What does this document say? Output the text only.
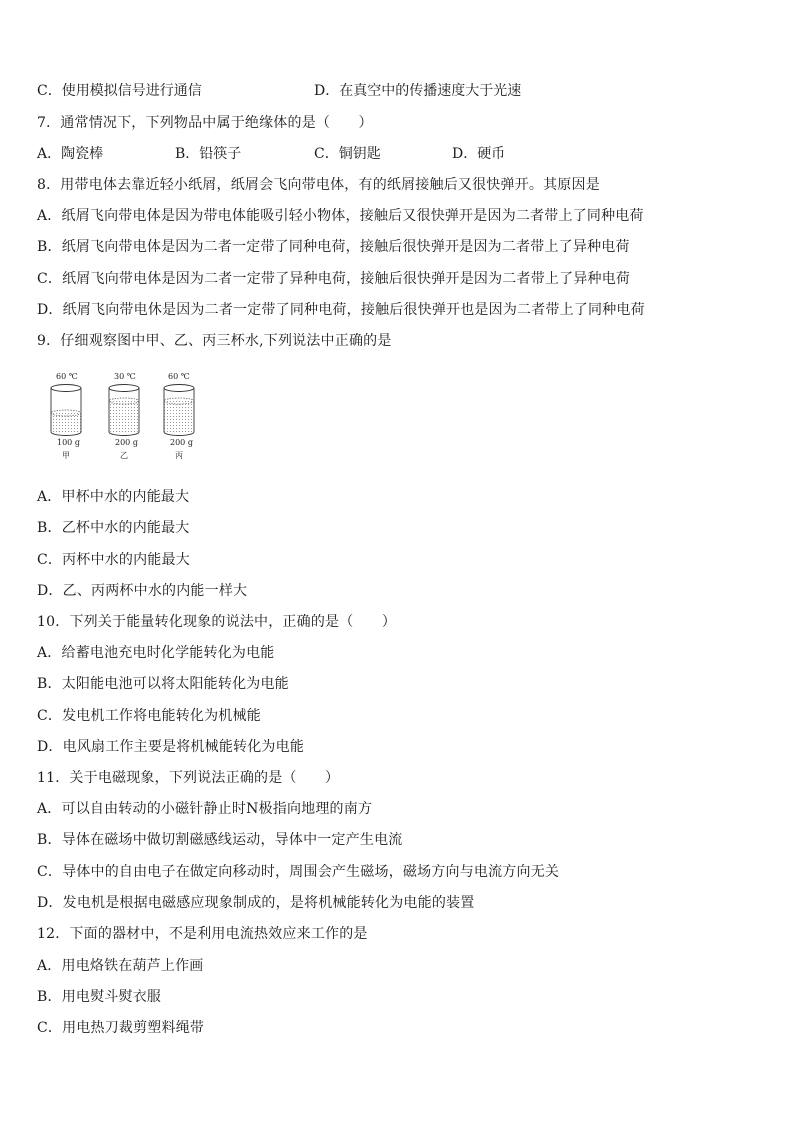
C．使用模拟信号进行通信	D．在真空中的传播速度大于光速
7．通常情况下，下列物品中属于绝缘体的是（　　）
A．陶瓷棒	B．铅筷子	C．铜钥匙	D．硬币
8．用带电体去靠近轻小纸屑，纸屑会飞向带电体，有的纸屑接触后又很快弹开。其原因是
A．纸屑飞向带电体是因为带电体能吸引轻小物体，接触后又很快弹开是因为二者带上了同种电荷
B．纸屑飞向带电体是因为二者一定带了同种电荷，接触后很快弹开是因为二者带上了异种电荷
C．纸屑飞向带电体是因为二者一定带了异种电荷，接触后很快弹开是因为二者带上了异种电荷
D．纸屑飞向带电休是因为二者一定带了同种电荷，接触后很快弹开也是因为二者带上了同种电荷
9．仔细观察图中甲、乙、丙三杯水,下列说法中正确的是
60 ℃
100 g
甲
30 ℃
200 g
乙
60 ℃
200 g
丙
A．甲杯中水的内能最大
B．乙杯中水的内能最大
C．丙杯中水的内能最大
D．乙、丙两杯中水的内能一样大
10．下列关于能量转化现象的说法中，正确的是（　　）
A．给蓄电池充电时化学能转化为电能
B．太阳能电池可以将太阳能转化为电能
C．发电机工作将电能转化为机械能
D．电风扇工作主要是将机械能转化为电能
11．关于电磁现象，下列说法正确的是（　　）
A．可以自由转动的小磁针静止时N极指向地理的南方
B．导体在磁场中做切割磁感线运动，导体中一定产生电流
C．导体中的自由电子在做定向移动时，周围会产生磁场，磁场方向与电流方向无关
D．发电机是根据电磁感应现象制成的，是将机械能转化为电能的装置
12．下面的器材中，不是利用电流热效应来工作的是
A．用电烙铁在葫芦上作画
B．用电熨斗熨衣服
C．用电热刀裁剪塑料绳带
